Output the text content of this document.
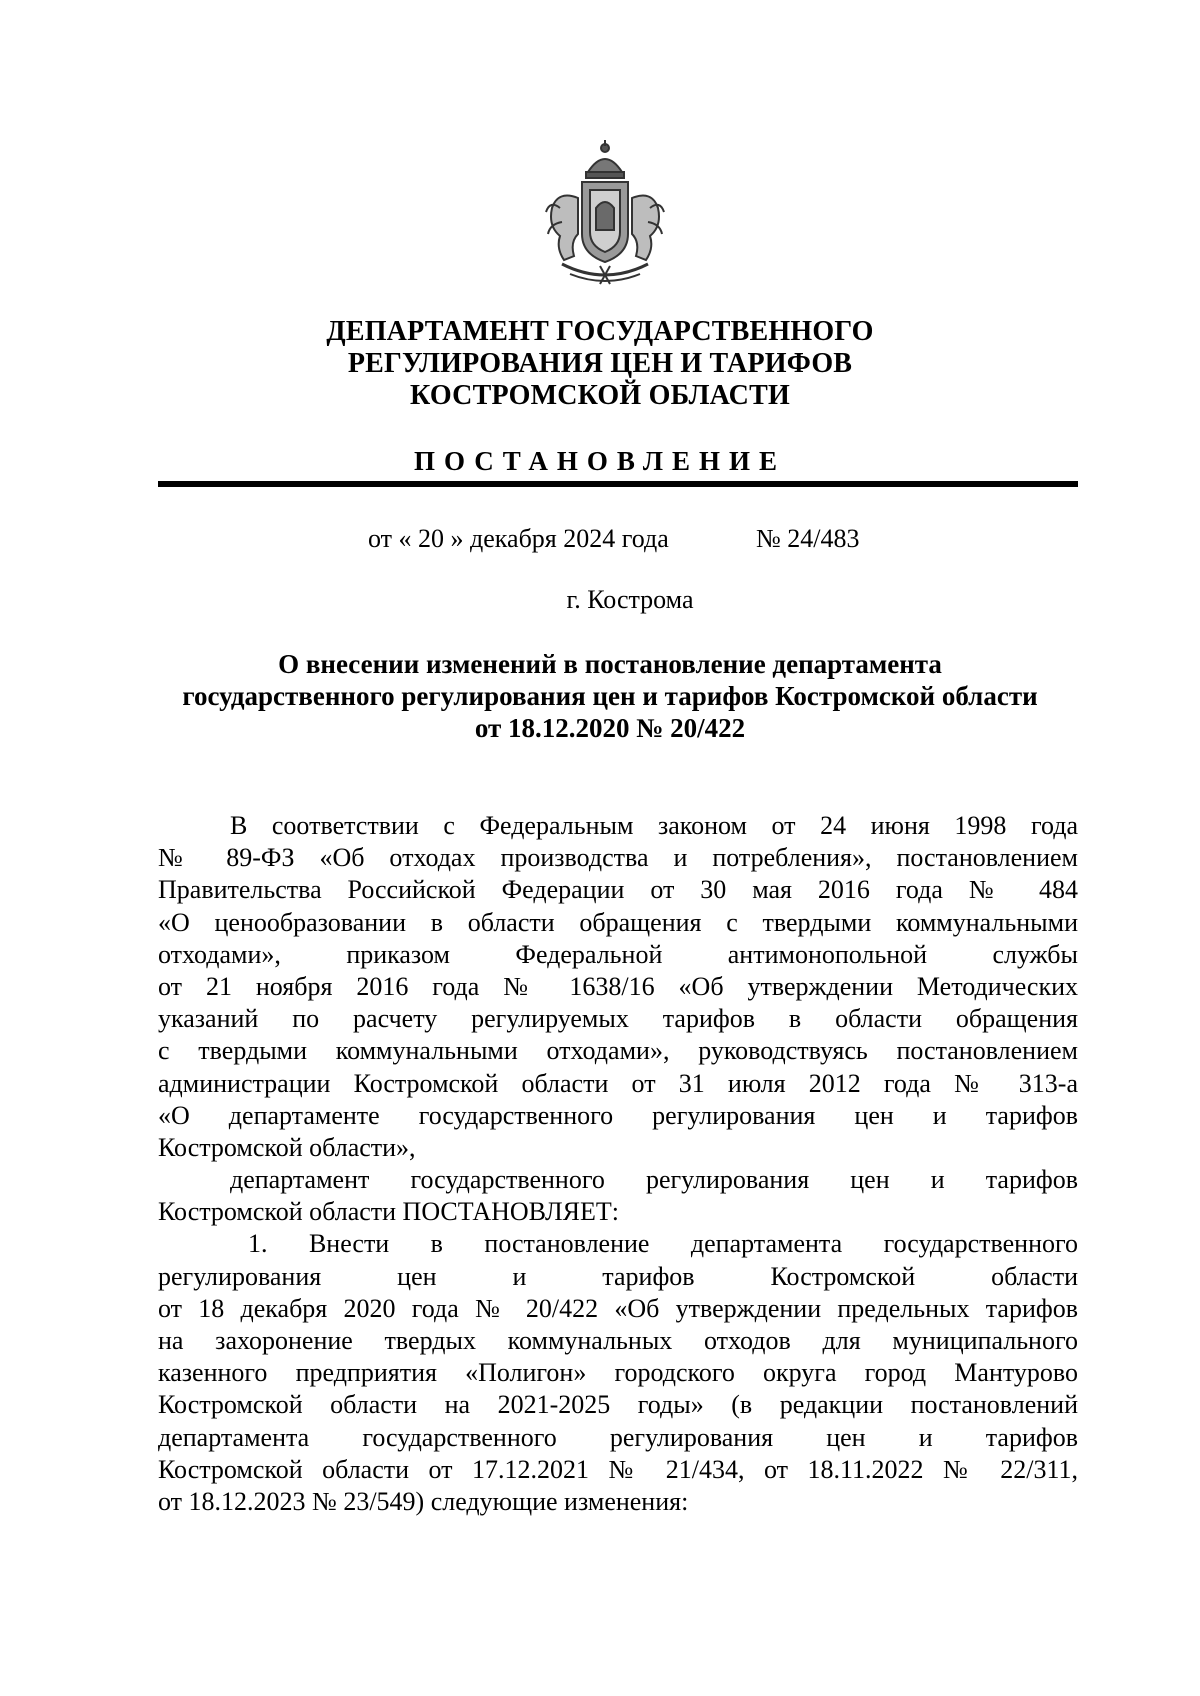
ДЕПАРТАМЕНТ ГОСУДАРСТВЕННОГО
РЕГУЛИРОВАНИЯ ЦЕН И ТАРИФОВ
КОСТРОМСКОЙ ОБЛАСТИ
ПОСТАНОВЛЕНИЕ
от « 20 » декабря 2024 года	№ 24/483
г. Кострома
О внесении изменений в постановление департамента
государственного регулирования цен и тарифов Костромской области
от 18.12.2020 № 20/422
В соответствии с Федеральным законом от 24 июня 1998 года
№ 89-ФЗ «Об отходах производства и потребления», постановлением
Правительства Российской Федерации от 30 мая 2016 года № 484
«О ценообразовании в области обращения с твердыми коммунальными
отходами», приказом Федеральной антимонопольной службы
от 21 ноября 2016 года № 1638/16 «Об утверждении Методических
указаний по расчету регулируемых тарифов в области обращения
с твердыми коммунальными отходами», руководствуясь постановлением
администрации Костромской области от 31 июля 2012 года № 313-а
«О департаменте государственного регулирования цен и тарифов
Костромской области»,
департамент государственного регулирования цен и тарифов
Костромской области ПОСТАНОВЛЯЕТ:
1. Внести в постановление департамента государственного
регулирования цен и тарифов Костромской области
от 18 декабря 2020 года № 20/422 «Об утверждении предельных тарифов
на захоронение твердых коммунальных отходов для муниципального
казенного предприятия «Полигон» городского округа город Мантурово
Костромской области на 2021-2025 годы» (в редакции постановлений
департамента государственного регулирования цен и тарифов
Костромской области от 17.12.2021 № 21/434, от 18.11.2022 № 22/311,
от 18.12.2023 № 23/549) следующие изменения:
